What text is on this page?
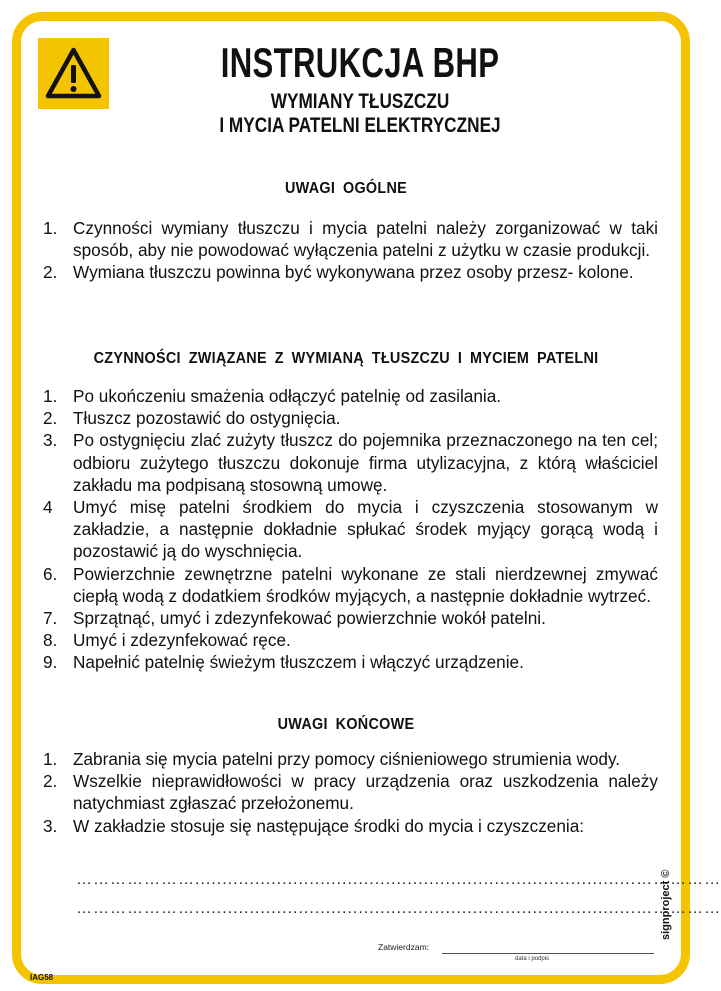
INSTRUKCJA BHP
WYMIANY TŁUSZCZU
I MYCIA PATELNI ELEKTRYCZNEJ
UWAGI OGÓLNE
1. Czynności wymiany tłuszczu i mycia patelni należy zorganizować w taki sposób, aby nie powodować wyłączenia patelni z użytku w czasie produkcji.
2. Wymiana tłuszczu powinna być wykonywana przez osoby przesz- kolone.
CZYNNOŚCI ZWIĄZANE Z WYMIANĄ TŁUSZCZU I MYCIEM PATELNI
1. Po ukończeniu smażenia odłączyć patelnię od zasilania.
2. Tłuszcz pozostawić do ostygnięcia.
3. Po ostygnięciu zlać zużyty tłuszcz do pojemnika przeznaczonego na ten cel; odbioru zużytego tłuszczu dokonuje firma utylizacyjna, z którą właściciel zakładu ma podpisaną stosowną umowę.
4 Umyć misę patelni środkiem do mycia i czyszczenia stosowanym w zakładzie, a następnie dokładnie spłukać środek myjący gorącą wodą i pozostawić ją do wyschnięcia.
6. Powierzchnie zewnętrzne patelni wykonane ze stali nierdzewnej zmywać ciepłą wodą z dodatkiem środków myjących, a następnie dokładnie wytrzeć.
7. Sprzątnąć, umyć i zdezynfekować powierzchnie wokół patelni.
8. Umyć i zdezynfekować ręce.
9. Napełnić patelnię świeżym tłuszczem i włączyć urządzenie.
UWAGI KOŃCOWE
1. Zabrania się mycia patelni przy pomocy ciśnieniowego strumienia wody.
2. Wszelkie nieprawidłowości w pracy urządzenia oraz uszkodzenia należy natychmiast zgłaszać przełożonemu.
3. W zakładzie stosuje się następujące środki do mycia i czyszczenia:
………………….................................................................................……………
………………….................................................................................……………
Zatwierdzam:
data i podpis
signproject ©
IAG58
